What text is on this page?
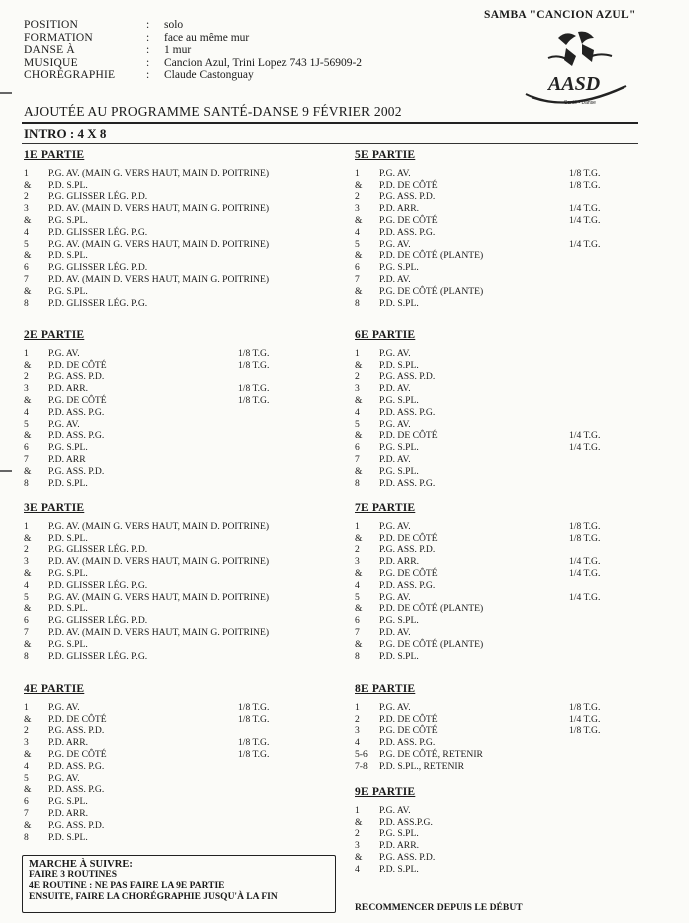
POSITION	:	solo
FORMATION	:	face au même mur
DANSE À	:	1 mur
MUSIQUE	:	Cancion Azul, Trini Lopez 743 1J-56909-2
CHORÉGRAPHIE	:	Claude Castonguay
SAMBA "CANCION AZUL"
AASD
Santé - Danse
AJOUTÉE AU PROGRAMME SANTÉ-DANSE 9 FÉVRIER 2002
INTRO : 4 X 8
1E PARTIE
1	P.G. AV. (MAIN G. VERS HAUT, MAIN D. POITRINE)
&	P.D. S.PL.
2	P.G. GLISSER LÉG. P.D.
3	P.D. AV. (MAIN D. VERS HAUT, MAIN G. POITRINE)
&	P.G. S.PL.
4	P.D. GLISSER LÉG. P.G.
5	P.G. AV. (MAIN G. VERS HAUT, MAIN D. POITRINE)
&	P.D. S.PL.
6	P.G. GLISSER LÉG. P.D.
7	P.D. AV. (MAIN D. VERS HAUT, MAIN G. POITRINE)
&	P.G. S.PL.
8	P.D. GLISSER LÉG. P.G.
2E PARTIE
1	P.G. AV.	1/8 T.G.
&	P.D. DE CÔTÉ	1/8 T.G.
2	P.G. ASS. P.D.
3	P.D. ARR.	1/8 T.G.
&	P.G. DE CÔTÉ	1/8 T.G.
4	P.D. ASS. P.G.
5	P.G. AV.
&	P.D. ASS. P.G.
6	P.G. S.PL.
7	P.D. ARR
&	P.G. ASS. P.D.
8	P.D. S.PL.
3E PARTIE
1	P.G. AV. (MAIN G. VERS HAUT, MAIN D. POITRINE)
&	P.D. S.PL.
2	P.G. GLISSER LÉG. P.D.
3	P.D. AV. (MAIN D. VERS HAUT, MAIN G. POITRINE)
&	P.G. S.PL.
4	P.D. GLISSER LÉG. P.G.
5	P.G. AV. (MAIN G. VERS HAUT, MAIN D. POITRINE)
&	P.D. S.PL.
6	P.G. GLISSER LÉG. P.D.
7	P.D. AV. (MAIN D. VERS HAUT, MAIN G. POITRINE)
&	P.G. S.PL.
8	P.D. GLISSER LÉG. P.G.
4E PARTIE
1	P.G. AV.	1/8 T.G.
&	P.D. DE CÔTÉ	1/8 T.G.
2	P.G. ASS. P.D.
3	P.D. ARR.	1/8 T.G.
&	P.G. DE CÔTÉ	1/8 T.G.
4	P.D. ASS. P.G.
5	P.G. AV.
&	P.D. ASS. P.G.
6	P.G. S.PL.
7	P.D. ARR.
&	P.G. ASS. P.D.
8	P.D. S.PL.
5E PARTIE
1	P.G. AV.	1/8 T.G.
&	P.D. DE CÔTÉ	1/8 T.G.
2	P.G. ASS. P.D.
3	P.D. ARR.	1/4 T.G.
&	P.G. DE CÔTÉ	1/4 T.G.
4	P.D. ASS. P.G.
5	P.G. AV.	1/4 T.G.
&	P.D. DE CÔTÉ (PLANTE)
6	P.G. S.PL.
7	P.D. AV.
&	P.G. DE CÔTÉ (PLANTE)
8	P.D. S.PL.
6E PARTIE
1	P.G. AV.
&	P.D. S.PL.
2	P.G. ASS. P.D.
3	P.D. AV.
&	P.G. S.PL.
4	P.D. ASS. P.G.
5	P.G. AV.
&	P.D. DE CÔTÉ	1/4 T.G.
6	P.G. S.PL.	1/4 T.G.
7	P.D. AV.
&	P.G. S.PL.
8	P.D. ASS. P.G.
7E PARTIE
1	P.G. AV.	1/8 T.G.
&	P.D. DE CÔTÉ	1/8 T.G.
2	P.G. ASS. P.D.
3	P.D. ARR.	1/4 T.G.
&	P.G. DE CÔTÉ	1/4 T.G.
4	P.D. ASS. P.G.
5	P.G. AV.	1/4 T.G.
&	P.D. DE CÔTÉ (PLANTE)
6	P.G. S.PL.
7	P.D. AV.
&	P.G. DE CÔTÉ (PLANTE)
8	P.D. S.PL.
8E PARTIE
1	P.G. AV.	1/8 T.G.
2	P.D. DE CÔTÉ	1/4 T.G.
3	P.G. DE CÔTÉ	1/8 T.G.
4	P.D. ASS. P.G.
5-6	P.G. DE CÔTÉ, RETENIR
7-8	P.D. S.PL., RETENIR
9E PARTIE
1	P.G. AV.
&	P.D. ASS.P.G.
2	P.G. S.PL.
3	P.D. ARR.
&	P.G. ASS. P.D.
4	P.D. S.PL.
MARCHE À SUIVRE:
FAIRE 3 ROUTINES
4E ROUTINE : NE PAS FAIRE LA 9E PARTIE
ENSUITE, FAIRE LA CHORÉGRAPHIE JUSQU'À LA FIN
RECOMMENCER DEPUIS LE DÉBUT
